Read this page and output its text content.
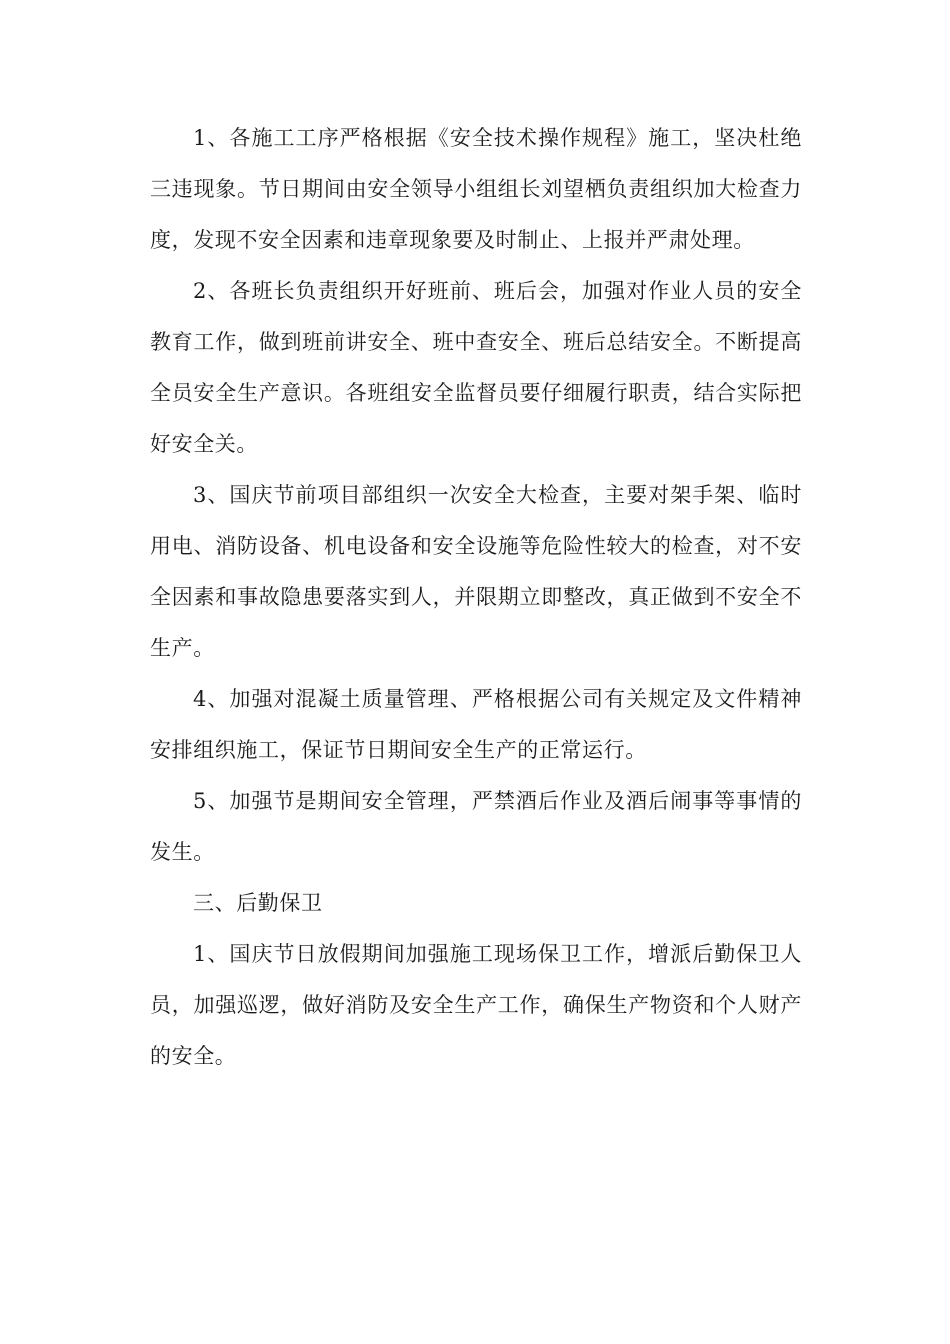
1、各施工工序严格根据《安全技术操作规程》施工，坚决杜绝三违现象。节日期间由安全领导小组组长刘望栖负责组织加大检查力度，发现不安全因素和违章现象要及时制止、上报并严肃处理。

2、各班长负责组织开好班前、班后会，加强对作业人员的安全教育工作，做到班前讲安全、班中查安全、班后总结安全。不断提高全员安全生产意识。各班组安全监督员要仔细履行职责，结合实际把好安全关。

3、国庆节前项目部组织一次安全大检查，主要对架手架、临时用电、消防设备、机电设备和安全设施等危险性较大的检查，对不安全因素和事故隐患要落实到人，并限期立即整改，真正做到不安全不生产。

4、加强对混凝土质量管理、严格根据公司有关规定及文件精神安排组织施工，保证节日期间安全生产的正常运行。

5、加强节是期间安全管理，严禁酒后作业及酒后闹事等事情的发生。

三、后勤保卫

1、国庆节日放假期间加强施工现场保卫工作，增派后勤保卫人员，加强巡逻，做好消防及安全生产工作，确保生产物资和个人财产的安全。
